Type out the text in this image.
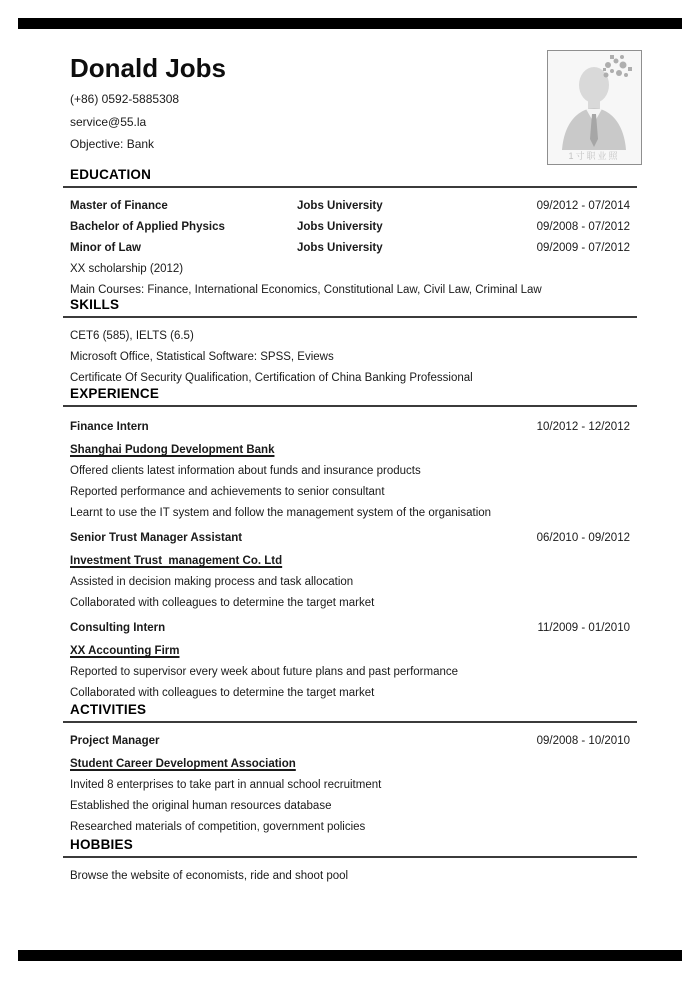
Donald Jobs
(+86) 0592-5885308
service@55.la
Objective: Bank
1寸职业照
EDUCATION
Master of Finance	Jobs University	09/2012 - 07/2014
Bachelor of Applied Physics	Jobs University	09/2008 - 07/2012
Minor of Law	Jobs University	09/2009 - 07/2012
XX scholarship (2012)
Main Courses: Finance, International Economics, Constitutional Law, Civil Law, Criminal Law
SKILLS
CET6 (585), IELTS (6.5)
Microsoft Office, Statistical Software: SPSS, Eviews
Certificate Of Security Qualification, Certification of China Banking Professional
EXPERIENCE
Finance Intern	10/2012 - 12/2012
Shanghai Pudong Development Bank
Offered clients latest information about funds and insurance products
Reported performance and achievements to senior consultant
Learnt to use the IT system and follow the management system of the organisation
Senior Trust Manager Assistant	06/2010 - 09/2012
Investment Trust  management Co. Ltd
Assisted in decision making process and task allocation
Collaborated with colleagues to determine the target market
Consulting Intern	11/2009 - 01/2010
XX Accounting Firm
Reported to supervisor every week about future plans and past performance
Collaborated with colleagues to determine the target market
ACTIVITIES
Project Manager	09/2008 - 10/2010
Student Career Development Association
Invited 8 enterprises to take part in annual school recruitment
Established the original human resources database
Researched materials of competition, government policies
HOBBIES
Browse the website of economists, ride and shoot pool
